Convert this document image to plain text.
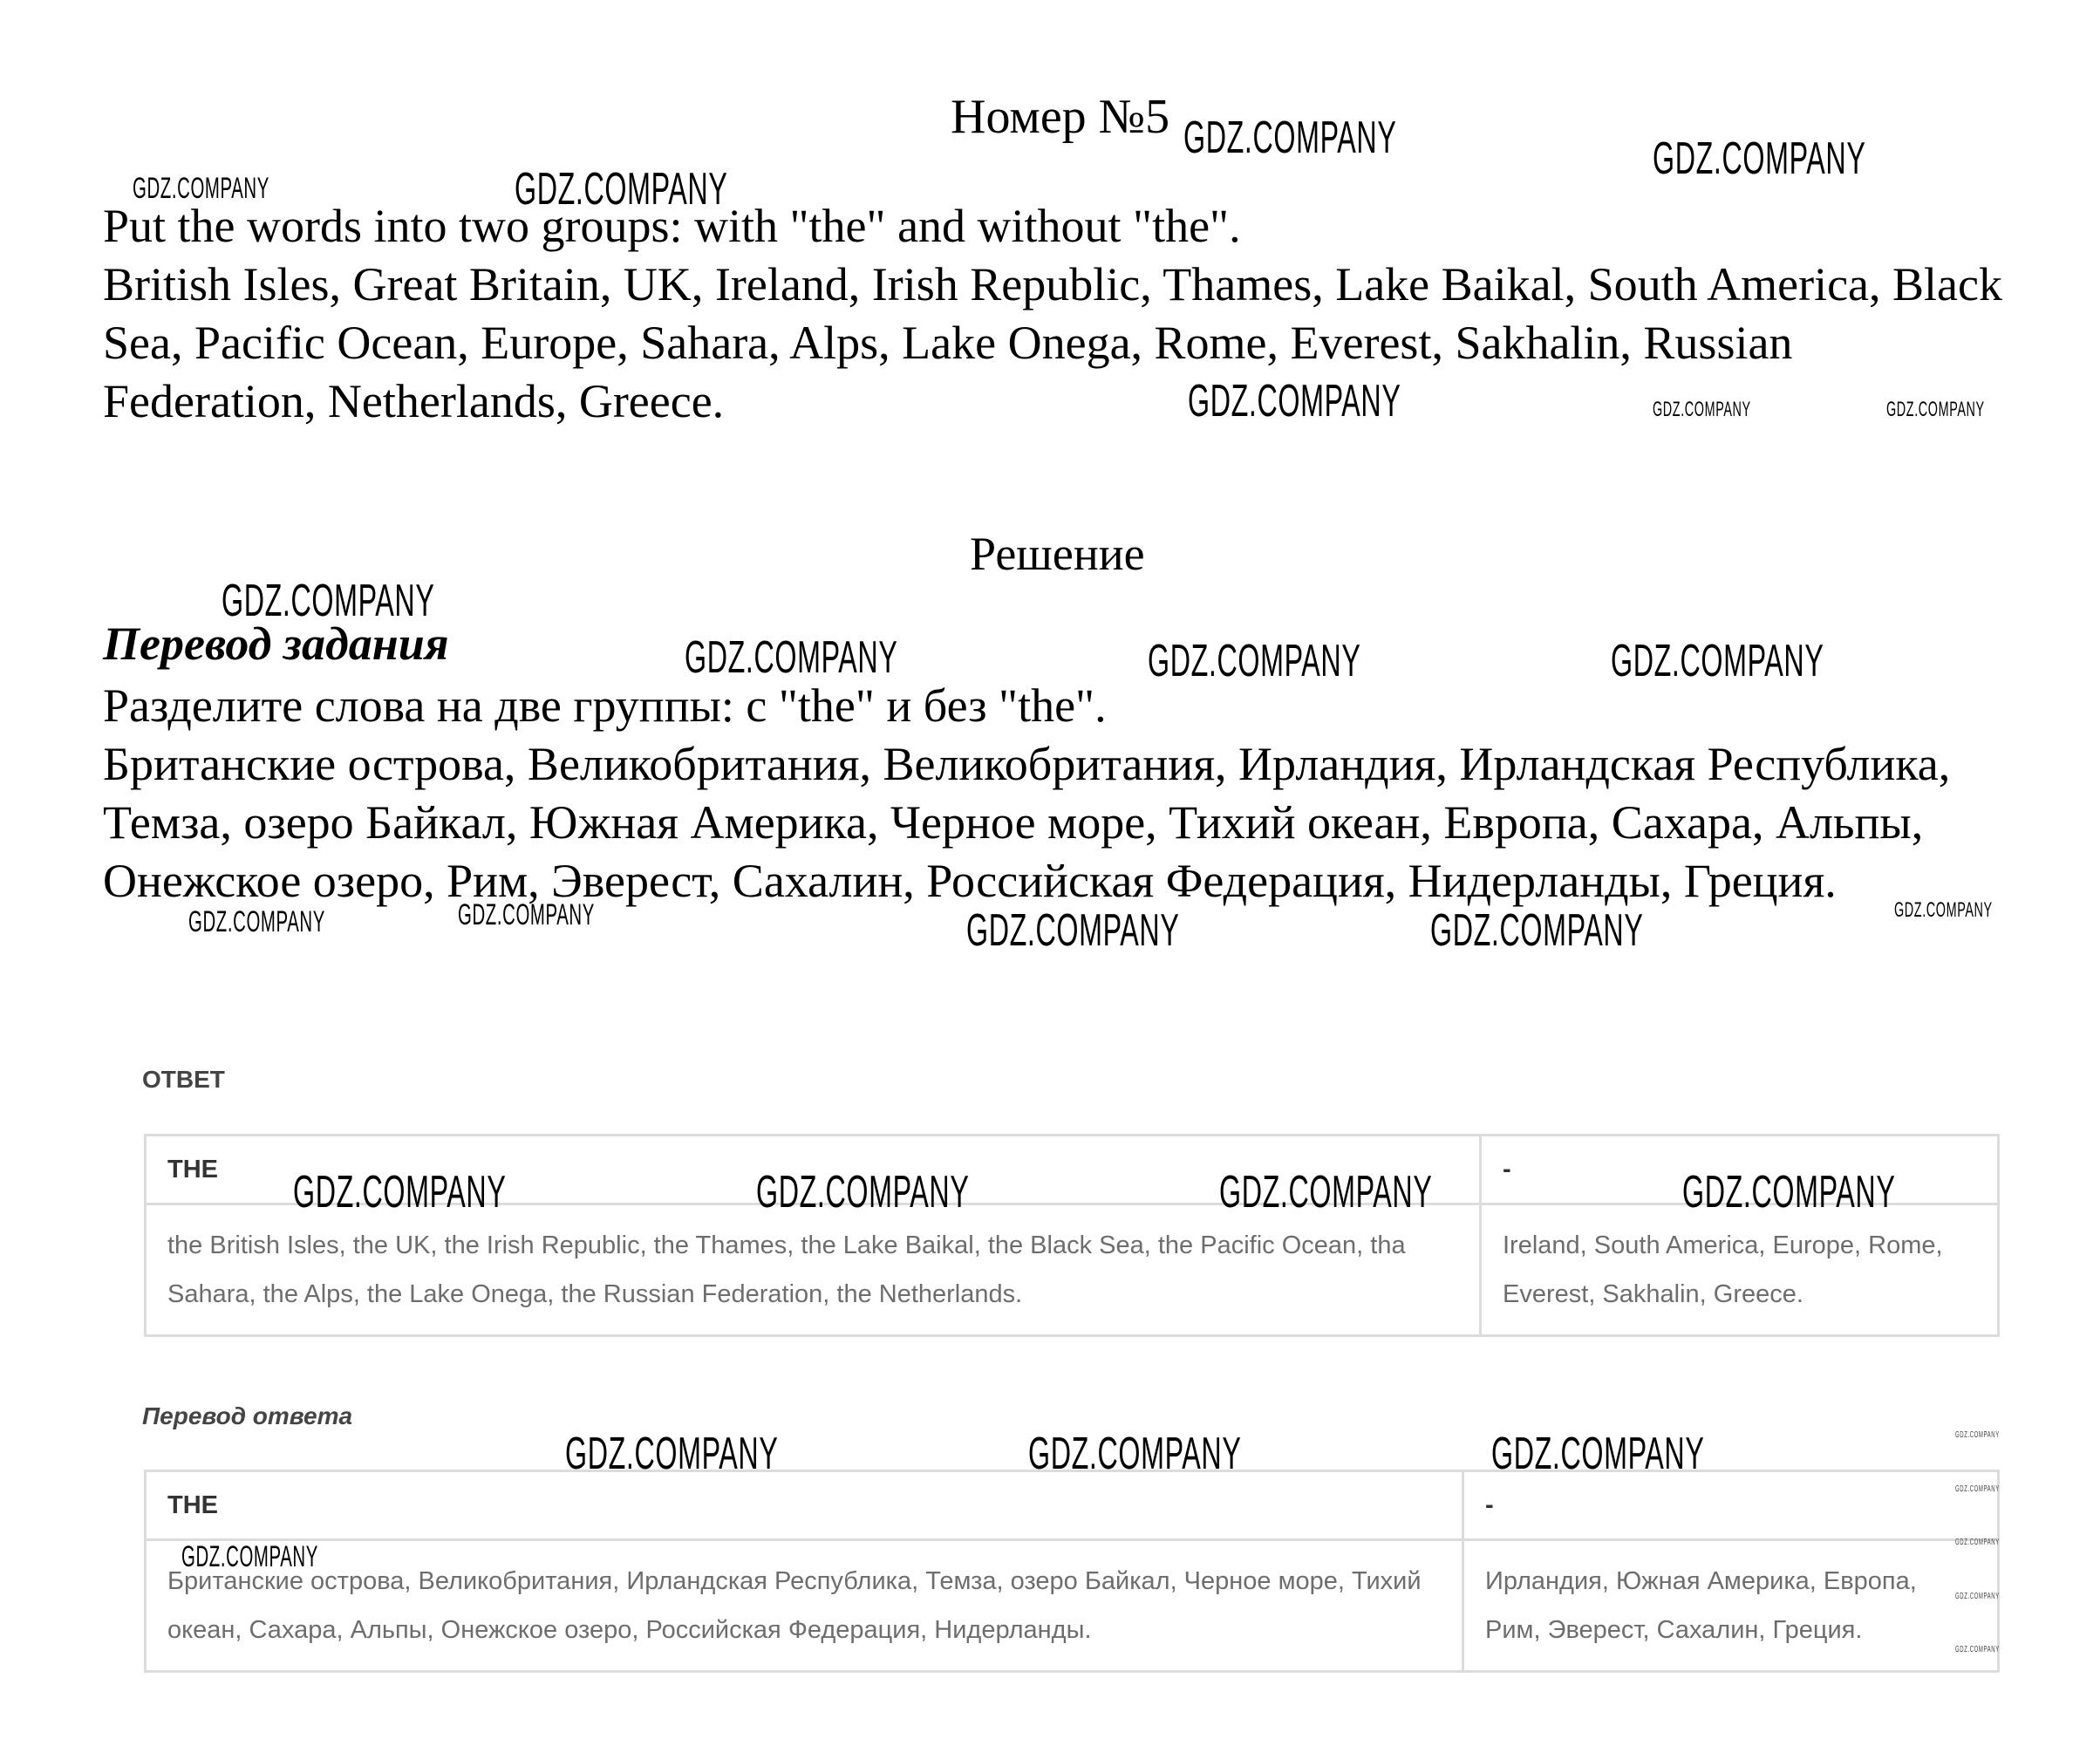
Номер №5

Put the words into two groups: with "the" and without "the".

British Isles, Great Britain, UK, Ireland, Irish Republic, Thames, Lake Baikal, South America, Black Sea, Pacific Ocean, Europe, Sahara, Alps, Lake Onega, Rome, Everest, Sakhalin, Russian Federation, Netherlands, Greece.

Решение

Перевод задания

Разделите слова на две группы: с "the" и без "the".

Британские острова, Великобритания, Великобритания, Ирландия, Ирландская Республика, Темза, озеро Байкал, Южная Америка, Черное море, Тихий океан, Европа, Сахара, Альпы, Онежское озеро, Рим, Эверест, Сахалин, Российская Федерация, Нидерланды, Греция.

ОТВЕТ
THE	-
the British Isles, the UK, the Irish Republic, the Thames, the Lake Baikal, the Black Sea, the Pacific Ocean, tha Sahara, the Alps, the Lake Onega, the Russian Federation, the Netherlands.	Ireland, South America, Europe, Rome, Everest, Sakhalin, Greece.
Перевод ответа
THE	-
Британские острова, Великобритания, Ирландская Республика, Темза, озеро Байкал, Черное море, Тихий океан, Сахара, Альпы, Онежское озеро, Российская Федерация, Нидерланды.	Ирландия, Южная Америка, Европа, Рим, Эверест, Сахалин, Греция.
GDZ.COMPANY	GDZ.COMPANY
GDZ.COMPANY	GDZ.COMPANY
GDZ.COMPANY	GDZ.COMPANY	GDZ.COMPANY
GDZ.COMPANY
GDZ.COMPANY	GDZ.COMPANY	GDZ.COMPANY
GDZ.COMPANY
GDZ.COMPANY	GDZ.COMPANY	GDZ.COMPANY	GDZ.COMPANY
GDZ.COMPANY	GDZ.COMPANY	GDZ.COMPANY	GDZ.COMPANY
GDZ.COMPANY	GDZ.COMPANY	GDZ.COMPANY
GDZ.COMPANY
GDZ.COMPANY
GDZ.COMPANY
GDZ.COMPANY
GDZ.COMPANY
GDZ.COMPANY
